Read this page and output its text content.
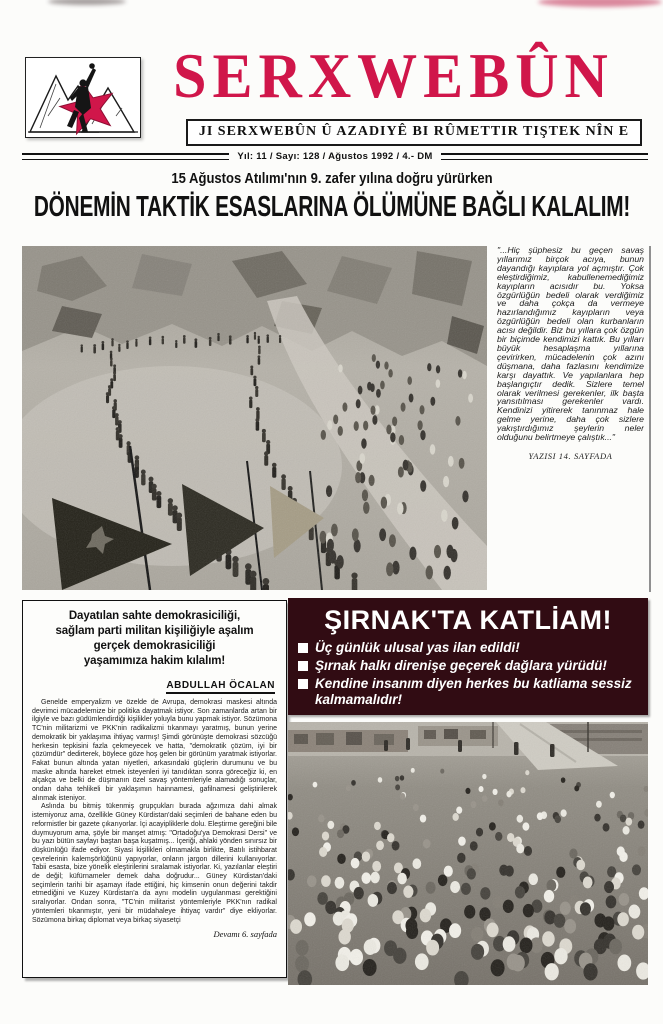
SERXWEBÛN
JI SERXWEBÛN Û AZADIYÊ BI RÛMETTIR TIŞTEK NÎN E
Yıl: 11 / Sayı: 128 / Ağustos 1992 / 4.- DM
15 Ağustos Atılımı'nın 9. zafer yılına doğru yürürken
DÖNEMİN TAKTİK ESASLARINA ÖLÜMÜNE BAĞLI KALALIM!
"...Hiç şüphesiz bu geçen savaş yıllarımız birçok acıya, bunun dayandığı kayıplara yol açmıştır. Çok eleştirdiğimiz, kabullenemediğimiz kayıpların acısıdır bu. Yoksa özgürlüğün bedeli olarak verdiğimiz ve daha çokça da vermeye hazırlandığımız kayıpların veya özgürlüğün bedeli olan kurbanların acısı değildir. Biz bu yıllara çok özgün bir biçimde kendimizi kattık. Bu yılları büyük hesaplaşma yıllarına çevirirken, mücadelenin çok azını düşmana, daha fazlasını kendimize karşı dayattık. Ve yapılanlara hep başlangıçtır dedik. Sizlere temel olarak verilmesi gerekenler, ilk başta yansıtılması gerekenler vardı. Kendinizi yitirerek tanınmaz hale gelme yerine, daha çok sizlere yakıştırdığımız şeylerin neler olduğunu belirtmeye çalıştık..."
YAZISI 14. SAYFADA
Dayatılan sahte demokrasiciliği,
sağlam parti militan kişiliğiyle aşalım
gerçek demokrasiciliği
yaşamımıza hakim kılalım!
ABDULLAH ÖCALAN

Genelde emperyalizm ve özelde de Avrupa, demokrasi maskesi altında devrimci mücadelemize bir politika dayatmak istiyor. Son zamanlarda artan bir ilgiyle ve bazı güdümlendirdiği kişilikler yoluyla bunu yapmak istiyor. Sözümona TC'nin militarizmi ve PKK'nin radikalizmi tıkanmayı yaratmış, bunun yerine demokratik bir yaklaşıma ihtiyaç varmış! Şimdi görünüşte demokrasi sözcüğü herkesin tepkisini fazla çekmeyecek ve hatta, "demokratik çözüm, iyi bir çözümdür" dedirterek, böylece göze hoş gelen bir görünüm yaratmak istiyorlar. Fakat bunun altında yatan niyetleri, arkasındaki güçlerin durumunu ve bu maske altında hareket etmek isteyenleri iyi tanıdıktan sonra göreceğiz ki, en alçakça ve belki de düşmanın özel savaş yöntemleriyle alamadığı sonuçlar, ondan daha tehlikeli bir yaklaşımın hainnamesi, gafilnamesi geliştirilerek alınmak isteniyor.

Aslında bu bitmiş tükenmiş grupçukları burada ağzımıza dahi almak istemiyoruz ama, özellikle Güney Kürdistan'daki seçimleri de bahane eden bu reformistler bir gazete çıkarıyorlar. İçi acayipliklerle dolu. Eleştirme gereğini bile duymuyorum ama, şöyle bir manşet atmış: "Ortadoğu'ya Demokrasi Dersi" ve bu yazı bütün sayfayı baştan başa kuşatmış... İçeriği, ahlaki yönden sınırsız bir düşkünlüğü ifade ediyor. Siyasi kişilikleri olmamakla birlikte, Batılı istihbarat çevrelerinin kalemşörlüğünü yapıyorlar, onların jargon dillerini kullanıyorlar. Tabii esasta, bize yönelik eleştirilerini sıralamak istiyorlar. Ki, yazılanlar eleştiri de değil; küfürnameler demek daha doğrudur... Güney Kürdistan'daki seçimlerin tarihi bir aşamayı ifade ettiğini, hiç kimsenin onun değerini takdir etmediğini ve Kuzey Kürdistan'a da aynı modelin uygulanması gerektiğini sıralıyorlar. Ondan sonra, "TC'nin militarist yöntemleriyle PKK'nın radikal yöntemleri tıkanmıştır, yeni bir müdahaleye ihtiyaç vardır" diye ekliyorlar. Sözümona birkaç diplomat veya birkaç siyasetçi

Devamı 6. sayfada
ŞIRNAK'TA KATLİAM!
Üç günlük ulusal yas ilan edildi!
Şırnak halkı direnişe geçerek dağlara yürüdü!
Kendine insanım diyen herkes bu katliama sessiz kalmamalıdır!
